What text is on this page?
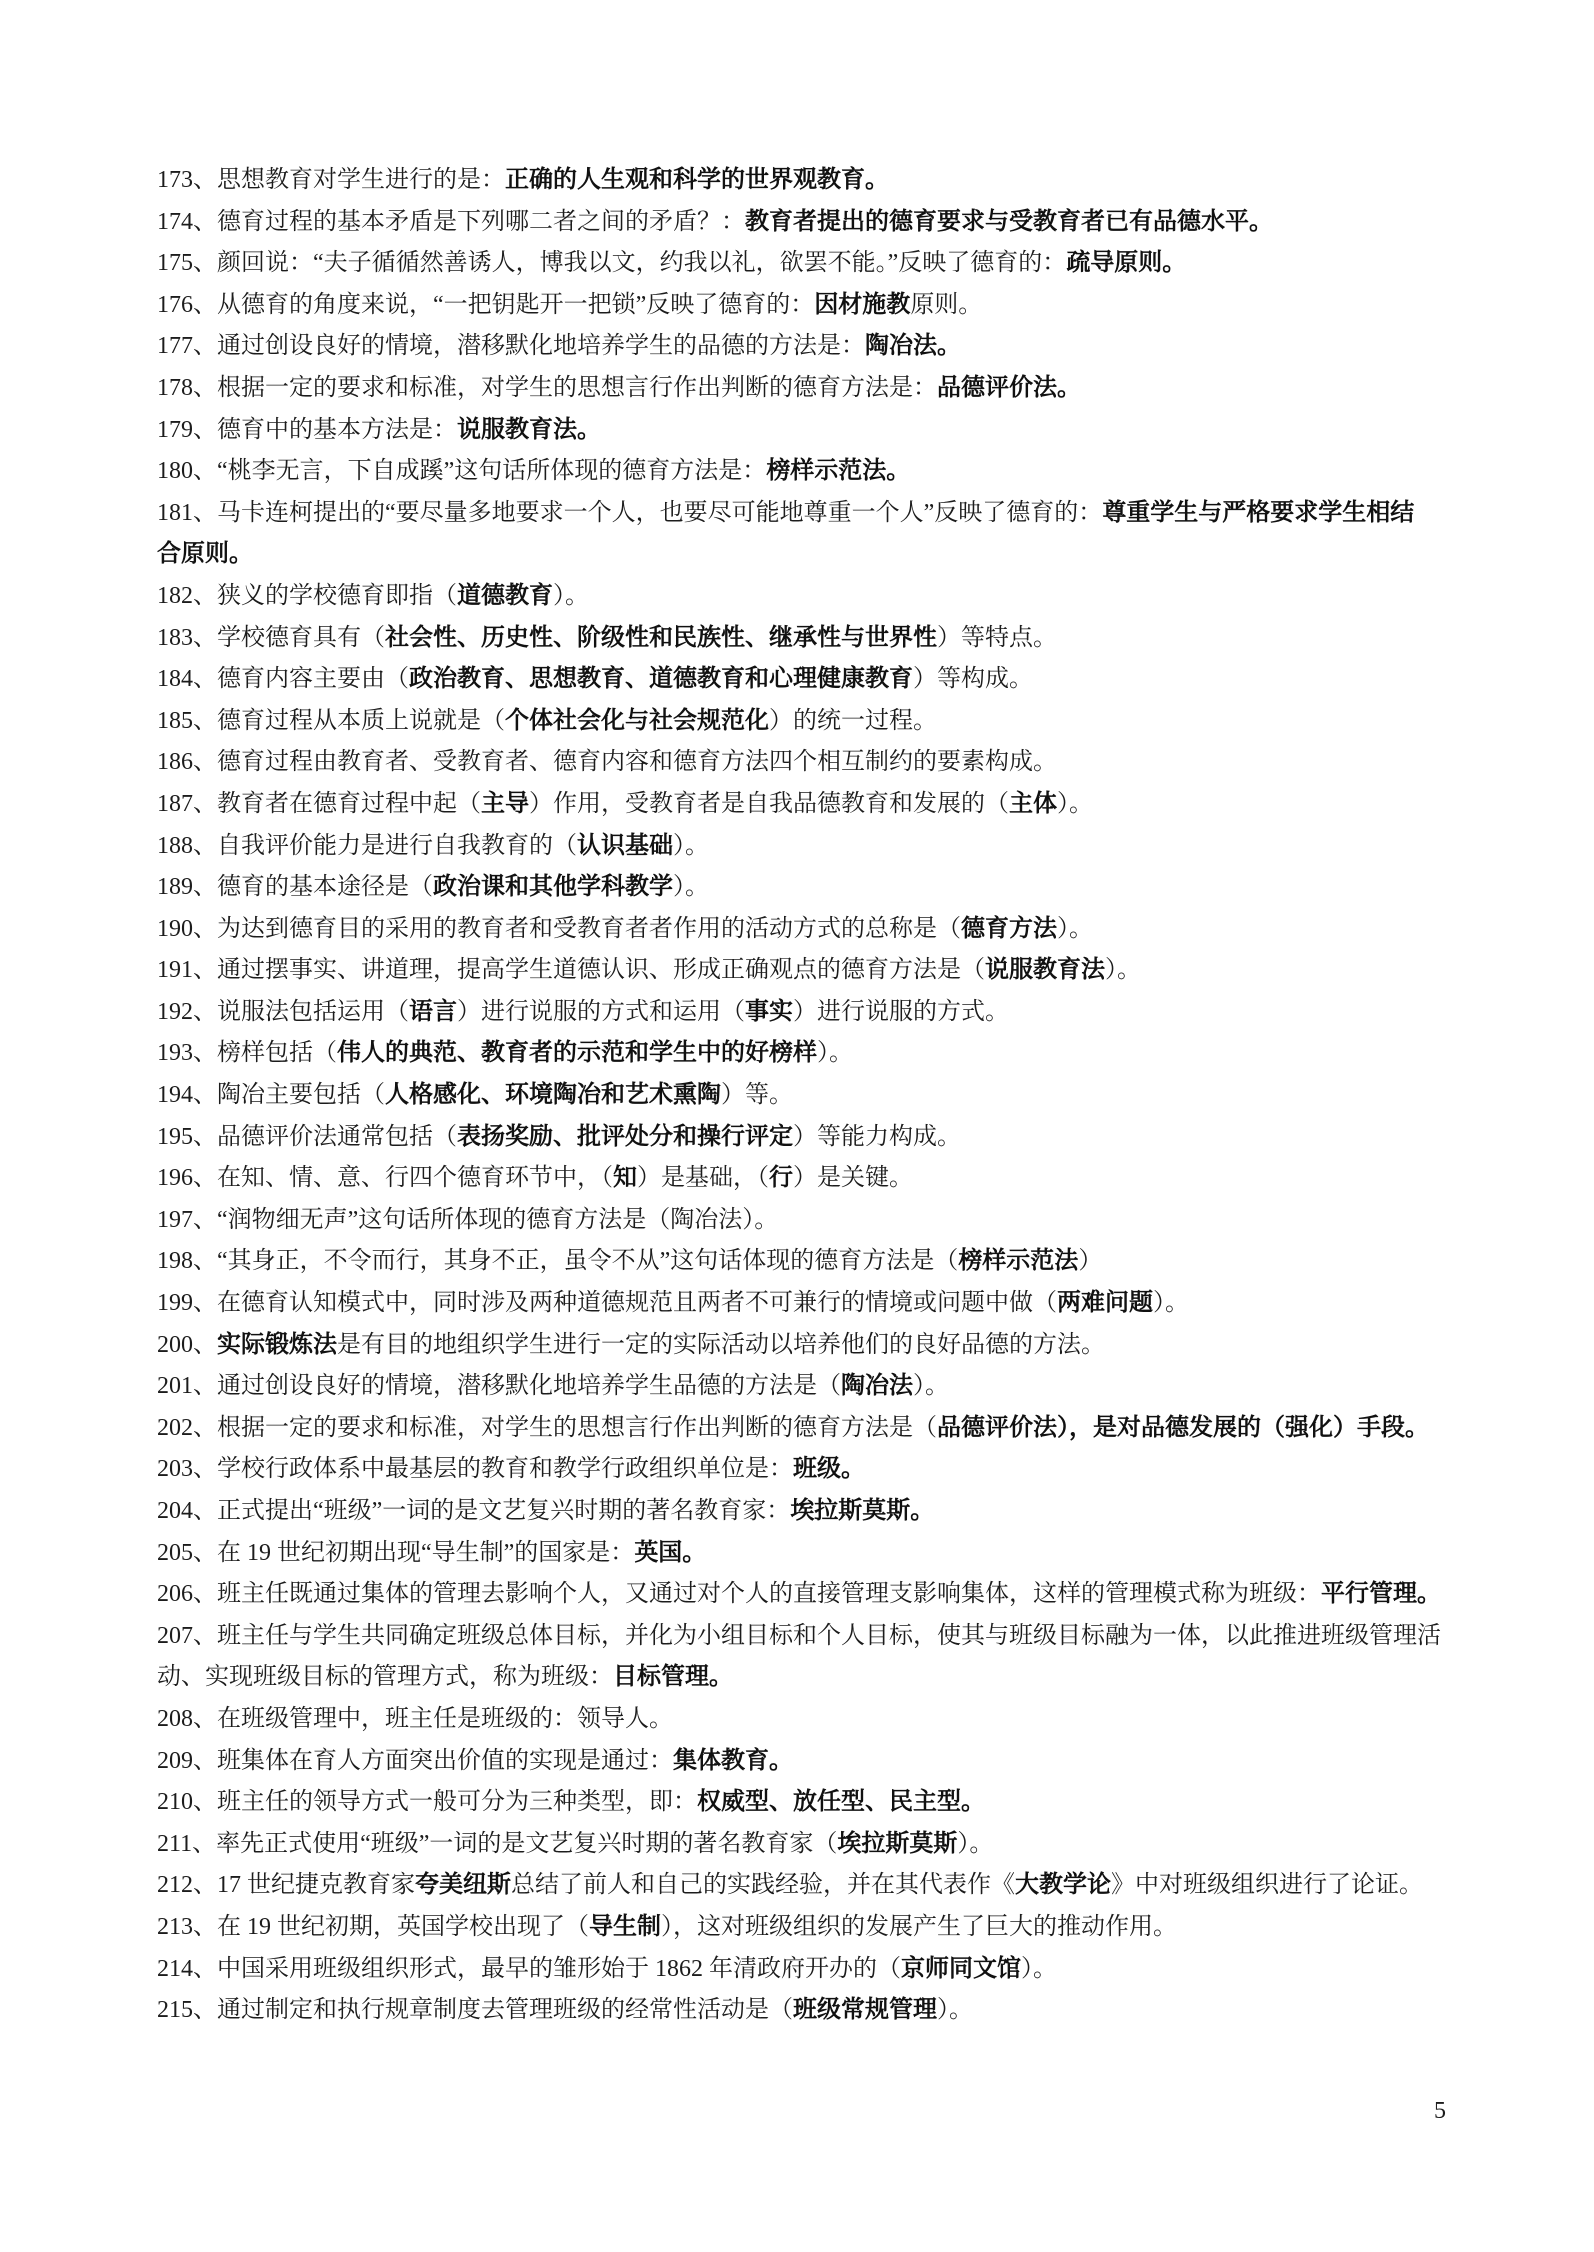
173、思想教育对学生进行的是：正确的人生观和科学的世界观教育。
174、德育过程的基本矛盾是下列哪二者之间的矛盾？：教育者提出的德育要求与受教育者已有品德水平。
175、颜回说：“夫子循循然善诱人，博我以文，约我以礼，欲罢不能。”反映了德育的：疏导原则。
176、从德育的角度来说，“一把钥匙开一把锁”反映了德育的：因材施教原则。
177、通过创设良好的情境，潜移默化地培养学生的品德的方法是：陶冶法。
178、根据一定的要求和标准，对学生的思想言行作出判断的德育方法是：品德评价法。
179、德育中的基本方法是：说服教育法。
180、“桃李无言，下自成蹊”这句话所体现的德育方法是：榜样示范法。
181、马卡连柯提出的“要尽量多地要求一个人，也要尽可能地尊重一个人”反映了德育的：尊重学生与严格要求学生相结
合原则。
182、狭义的学校德育即指（道德教育）。
183、学校德育具有（社会性、历史性、阶级性和民族性、继承性与世界性）等特点。
184、德育内容主要由（政治教育、思想教育、道德教育和心理健康教育）等构成。
185、德育过程从本质上说就是（个体社会化与社会规范化）的统一过程。
186、德育过程由教育者、受教育者、德育内容和德育方法四个相互制约的要素构成。
187、教育者在德育过程中起（主导）作用，受教育者是自我品德教育和发展的（主体）。
188、自我评价能力是进行自我教育的（认识基础）。
189、德育的基本途径是（政治课和其他学科教学）。
190、为达到德育目的采用的教育者和受教育者者作用的活动方式的总称是（德育方法）。
191、通过摆事实、讲道理，提高学生道德认识、形成正确观点的德育方法是（说服教育法）。
192、说服法包括运用（语言）进行说服的方式和运用（事实）进行说服的方式。
193、榜样包括（伟人的典范、教育者的示范和学生中的好榜样）。
194、陶冶主要包括（人格感化、环境陶冶和艺术熏陶）等。
195、品德评价法通常包括（表扬奖励、批评处分和操行评定）等能力构成。
196、在知、情、意、行四个德育环节中，（知）是基础，（行）是关键。
197、“润物细无声”这句话所体现的德育方法是（陶冶法）。
198、“其身正，不令而行，其身不正，虽令不从”这句话体现的德育方法是（榜样示范法）
199、在德育认知模式中，同时涉及两种道德规范且两者不可兼行的情境或问题中做（两难问题）。
200、实际锻炼法是有目的地组织学生进行一定的实际活动以培养他们的良好品德的方法。
201、通过创设良好的情境，潜移默化地培养学生品德的方法是（陶冶法）。
202、根据一定的要求和标准，对学生的思想言行作出判断的德育方法是（品德评价法），是对品德发展的（强化）手段。
203、学校行政体系中最基层的教育和教学行政组织单位是：班级。
204、正式提出“班级”一词的是文艺复兴时期的著名教育家：埃拉斯莫斯。
205、在 19 世纪初期出现“导生制”的国家是：英国。
206、班主任既通过集体的管理去影响个人，又通过对个人的直接管理支影响集体，这样的管理模式称为班级：平行管理。
207、班主任与学生共同确定班级总体目标，并化为小组目标和个人目标，使其与班级目标融为一体，以此推进班级管理活
动、实现班级目标的管理方式，称为班级：目标管理。
208、在班级管理中，班主任是班级的：领导人。
209、班集体在育人方面突出价值的实现是通过：集体教育。
210、班主任的领导方式一般可分为三种类型，即：权威型、放任型、民主型。
211、率先正式使用“班级”一词的是文艺复兴时期的著名教育家（埃拉斯莫斯）。
212、17 世纪捷克教育家夸美纽斯总结了前人和自己的实践经验，并在其代表作《大教学论》中对班级组织进行了论证。
213、在 19 世纪初期，英国学校出现了（导生制），这对班级组织的发展产生了巨大的推动作用。
214、中国采用班级组织形式，最早的雏形始于 1862 年清政府开办的（京师同文馆）。
215、通过制定和执行规章制度去管理班级的经常性活动是（班级常规管理）。
5
